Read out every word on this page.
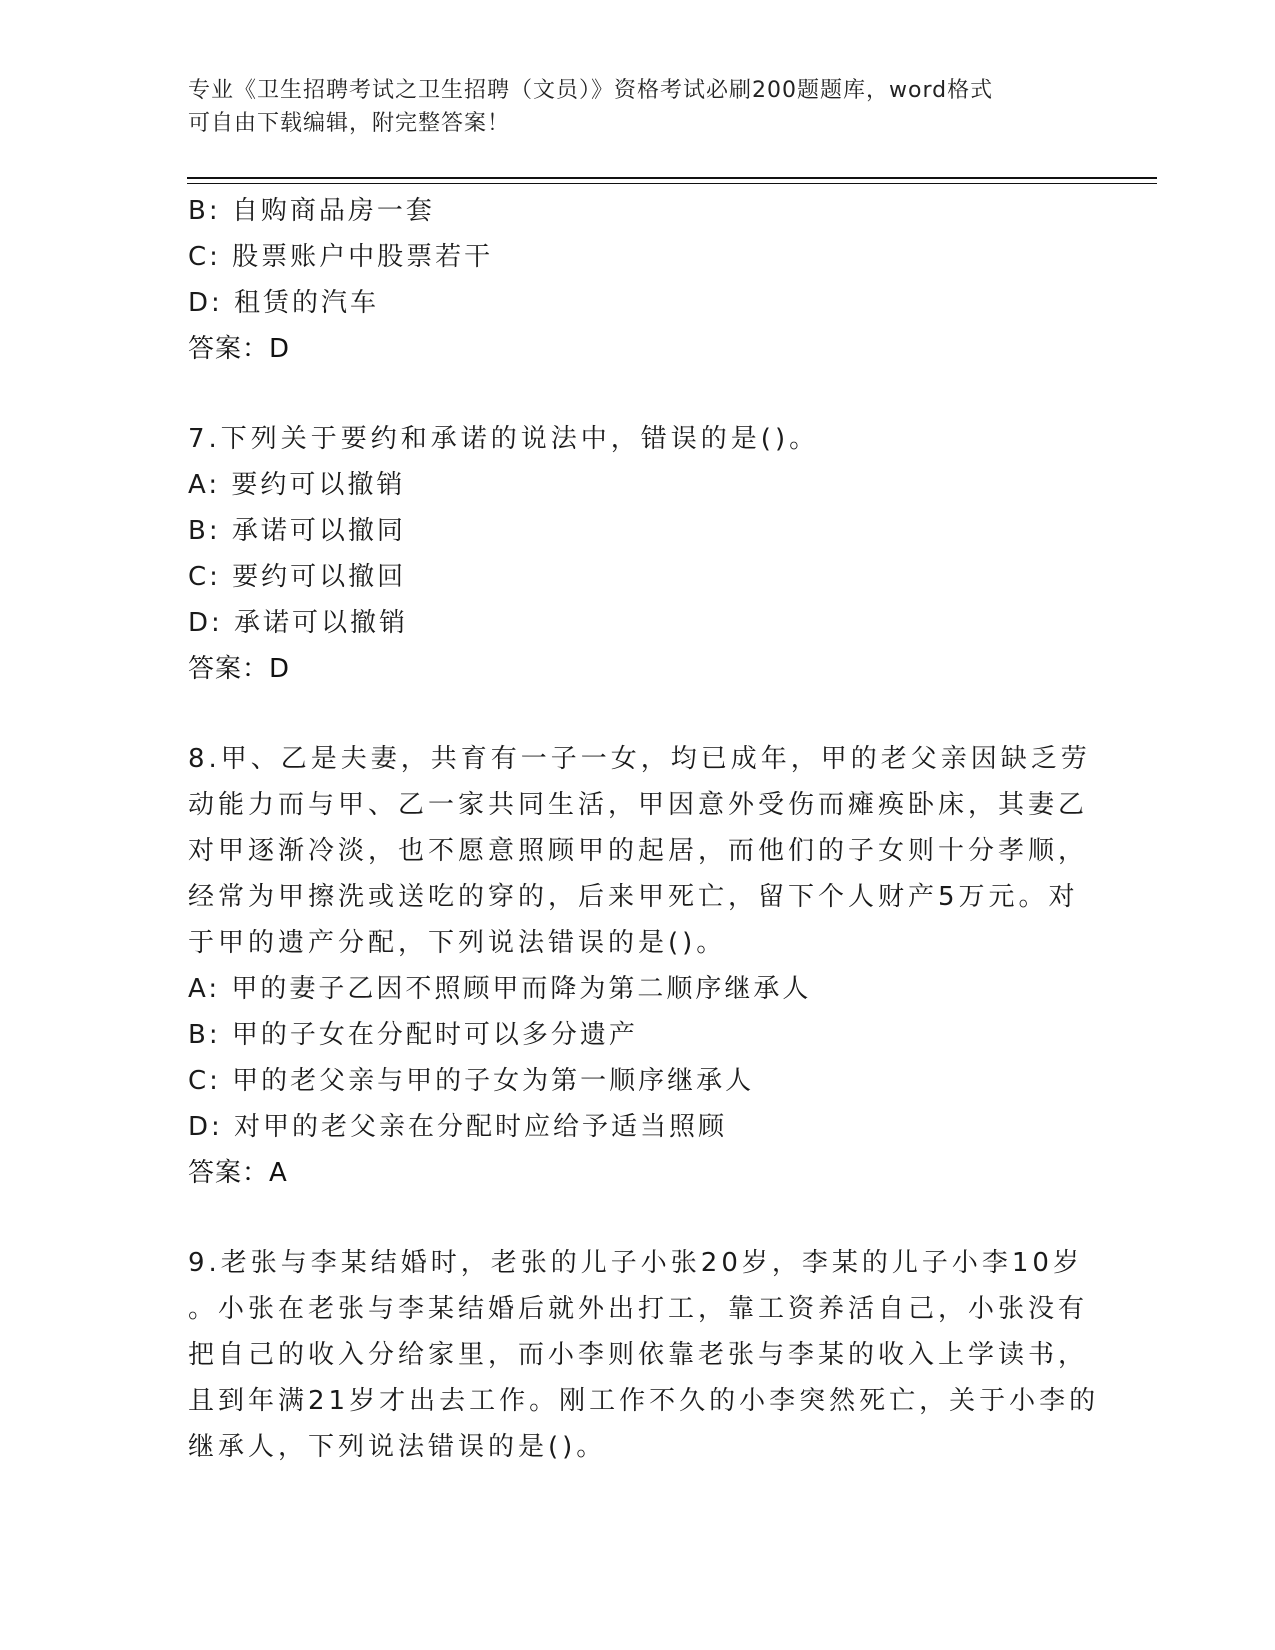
专业《卫生招聘考试之卫生招聘（文员）》资格考试必刷200题题库，word格式

可自由下载编辑，附完整答案！

B: 自购商品房一套
C: 股票账户中股票若干
D: 租赁的汽车
答案：D
7.下列关于要约和承诺的说法中，错误的是()。
A: 要约可以撤销
B: 承诺可以撤同
C: 要约可以撤回
D: 承诺可以撤销
答案：D
8.甲、乙是夫妻，共育有一子一女，均已成年，甲的老父亲因缺乏劳
动能力而与甲、乙一家共同生活，甲因意外受伤而瘫痪卧床，其妻乙
对甲逐渐冷淡，也不愿意照顾甲的起居，而他们的子女则十分孝顺，
经常为甲擦洗或送吃的穿的，后来甲死亡，留下个人财产5万元。对
于甲的遗产分配，下列说法错误的是()。
A: 甲的妻子乙因不照顾甲而降为第二顺序继承人
B: 甲的子女在分配时可以多分遗产
C: 甲的老父亲与甲的子女为第一顺序继承人
D: 对甲的老父亲在分配时应给予适当照顾
答案：A
9.老张与李某结婚时，老张的儿子小张20岁，李某的儿子小李10岁
。小张在老张与李某结婚后就外出打工，靠工资养活自己，小张没有
把自己的收入分给家里，而小李则依靠老张与李某的收入上学读书，
且到年满21岁才出去工作。刚工作不久的小李突然死亡，关于小李的
继承人，下列说法错误的是()。
